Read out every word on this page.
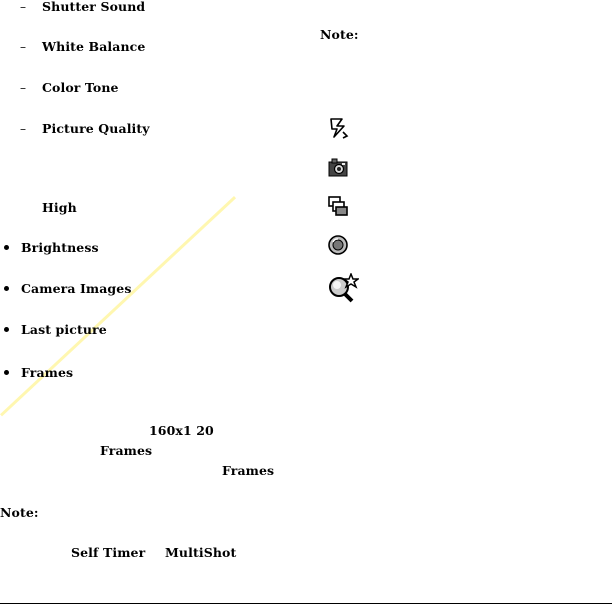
– Shutter Sound
– White Balance
– Color Tone
– Picture Quality
High
Brightness
Camera Images
Last picture
Frames
Note:
160x1 20
Frames
Frames
Note:
Self Timer MultiShot
